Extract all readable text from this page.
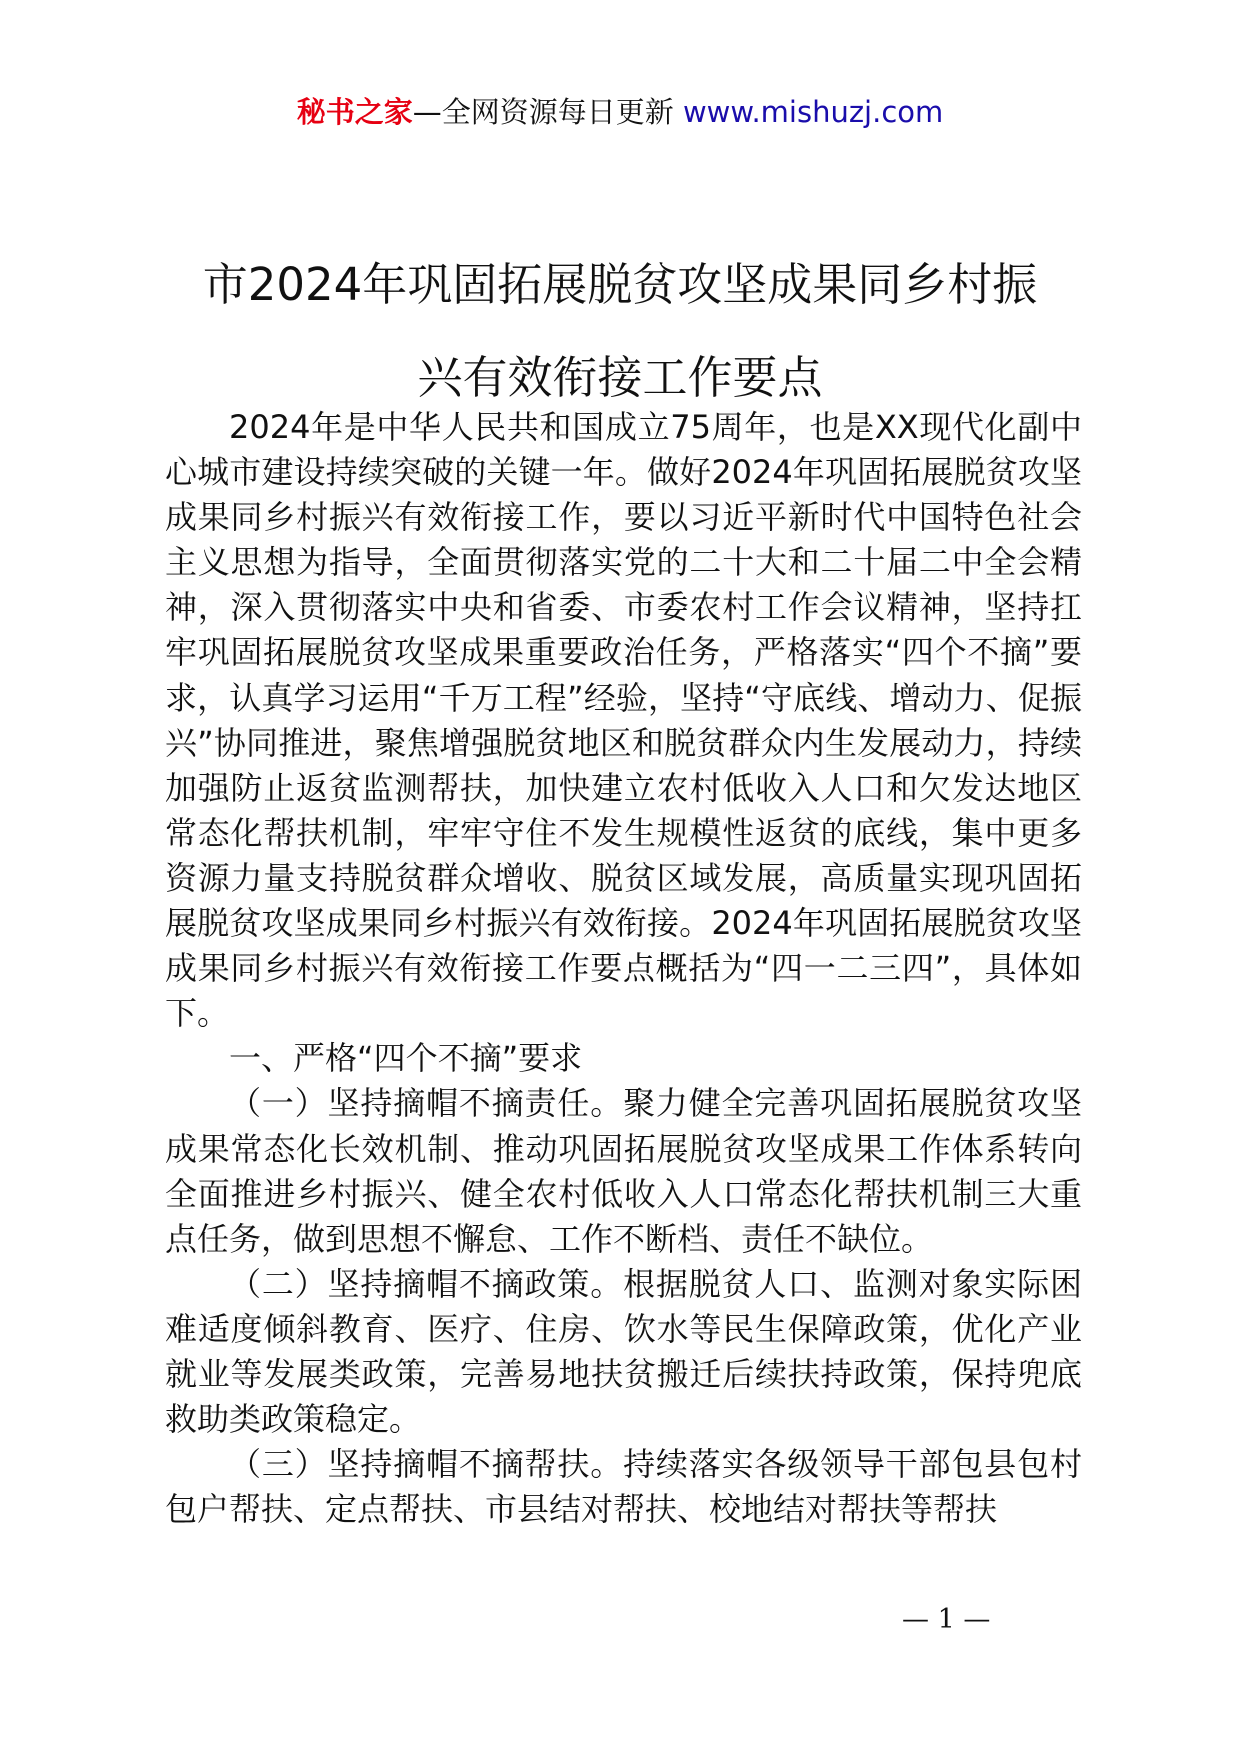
秘书之家—全网资源每日更新 www.mishuzj.com
市2024年巩固拓展脱贫攻坚成果同乡村振
兴有效衔接工作要点

2024年是中华人民共和国成立75周年，也是XX现代化副中心城市建设持续突破的关键一年。做好2024年巩固拓展脱贫攻坚成果同乡村振兴有效衔接工作，要以习近平新时代中国特色社会主义思想为指导，全面贯彻落实党的二十大和二十届二中全会精神，深入贯彻落实中央和省委、市委农村工作会议精神，坚持扛牢巩固拓展脱贫攻坚成果重要政治任务，严格落实“四个不摘”要求，认真学习运用“千万工程”经验，坚持“守底线、增动力、促振兴”协同推进，聚焦增强脱贫地区和脱贫群众内生发展动力，持续加强防止返贫监测帮扶，加快建立农村低收入人口和欠发达地区常态化帮扶机制，牢牢守住不发生规模性返贫的底线，集中更多资源力量支持脱贫群众增收、脱贫区域发展，高质量实现巩固拓展脱贫攻坚成果同乡村振兴有效衔接。2024年巩固拓展脱贫攻坚成果同乡村振兴有效衔接工作要点概括为“四一二三四”，具体如下。

一、严格“四个不摘”要求

（一）坚持摘帽不摘责任。聚力健全完善巩固拓展脱贫攻坚成果常态化长效机制、推动巩固拓展脱贫攻坚成果工作体系转向全面推进乡村振兴、健全农村低收入人口常态化帮扶机制三大重点任务，做到思想不懈怠、工作不断档、责任不缺位。

（二）坚持摘帽不摘政策。根据脱贫人口、监测对象实际困难适度倾斜教育、医疗、住房、饮水等民生保障政策，优化产业就业等发展类政策，完善易地扶贫搬迁后续扶持政策，保持兜底救助类政策稳定。

（三）坚持摘帽不摘帮扶。持续落实各级领导干部包县包村包户帮扶、定点帮扶、市县结对帮扶、校地结对帮扶等帮扶

— 1 —
